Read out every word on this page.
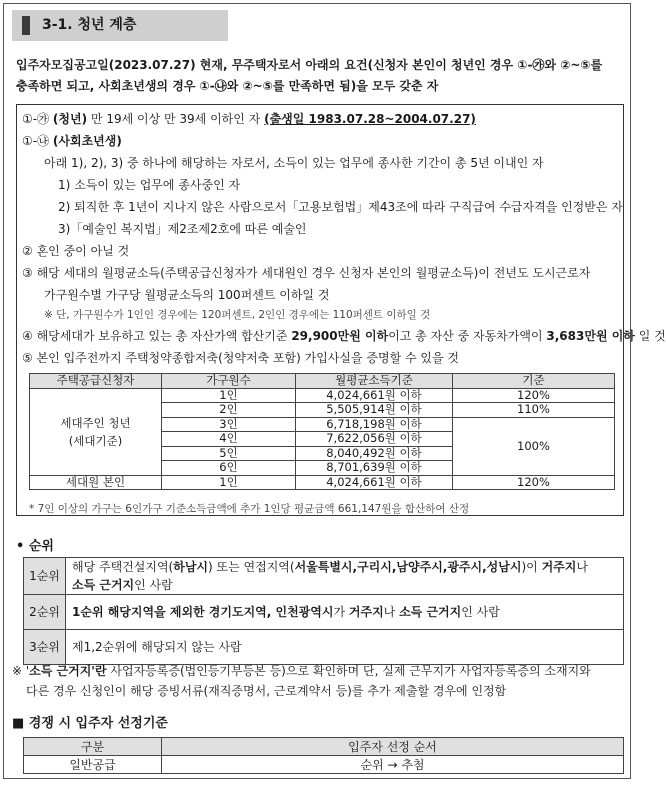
3-1. 청년 계층
입주자모집공고일(2023.07.27) 현재, 무주택자로서 아래의 요건(신청자 본인이 청년인 경우 ①-㉮와 ②~⑤를
충족하면 되고, 사회초년생의 경우 ①-㉯와 ②~⑤를 만족하면 됨)을 모두 갖춘 자
①-㉮ (청년) 만 19세 이상 만 39세 이하인 자 (출생일 1983.07.28~2004.07.27)
①-㉯ (사회초년생)
아래 1), 2), 3) 중 하나에 해당하는 자로서, 소득이 있는 업무에 종사한 기간이 총 5년 이내인 자
1) 소득이 있는 업무에 종사중인 자
2) 퇴직한 후 1년이 지나지 않은 사람으로서「고용보험법」제43조에 따라 구직급여 수급자격을 인정받은 자
3)「예술인 복지법」제2조제2호에 따른 예술인
② 혼인 중이 아닐 것
③ 해당 세대의 월평균소득(주택공급신청자가 세대원인 경우 신청자 본인의 월평균소득)이 전년도 도시근로자
가구원수별 가구당 월평균소득의 100퍼센트 이하일 것
※ 단, 가구원수가 1인인 경우에는 120퍼센트, 2인인 경우에는 110퍼센트 이하일 것
④ 해당세대가 보유하고 있는 총 자산가액 합산기준 29,900만원 이하이고 총 자산 중 자동차가액이 3,683만원 이하 일 것
⑤ 본인 입주전까지 주택청약종합저축(청약저축 포함) 가입사실을 증명할 수 있을 것
주택공급신청자	가구원수	월평균소득기준	기준

세대주인 청년
(세대기준)	1인	4,024,661원 이하	120%
	2인	5,505,914원 이하	110%
	3인	6,718,198원 이하	100%
	4인	7,622,056원 이하	
	5인	8,040,492원 이하	
	6인	8,701,639원 이하	
세대원 본인	1인	4,024,661원 이하	120%
* 7인 이상의 가구는 6인가구 기준소득금액에 추가 1인당 평균금액 661,147원을 합산하여 산정
• 순위
1순위	해당 주택건설지역(하남시) 또는 연접지역(서울특별시,구리시,남양주시,광주시,성남시)이 거주지나
소득 근거지인 사람

2순위	1순위 해당지역을 제외한 경기도지역, 인천광역시가 거주지나 소득 근거지인 사람
3순위	제1,2순위에 해당되지 않는 사람
※ '소득 근거지'란 사업자등록증(법인등기부등본 등)으로 확인하며 단, 실제 근무지가 사업자등록증의 소재지와
다른 경우 신청인이 해당 증빙서류(재직증명서, 근로계약서 등)를 추가 제출할 경우에 인정함
■ 경쟁 시 입주자 선정기준
구분	입주자 선정 순서
일반공급	순위 → 추첨
